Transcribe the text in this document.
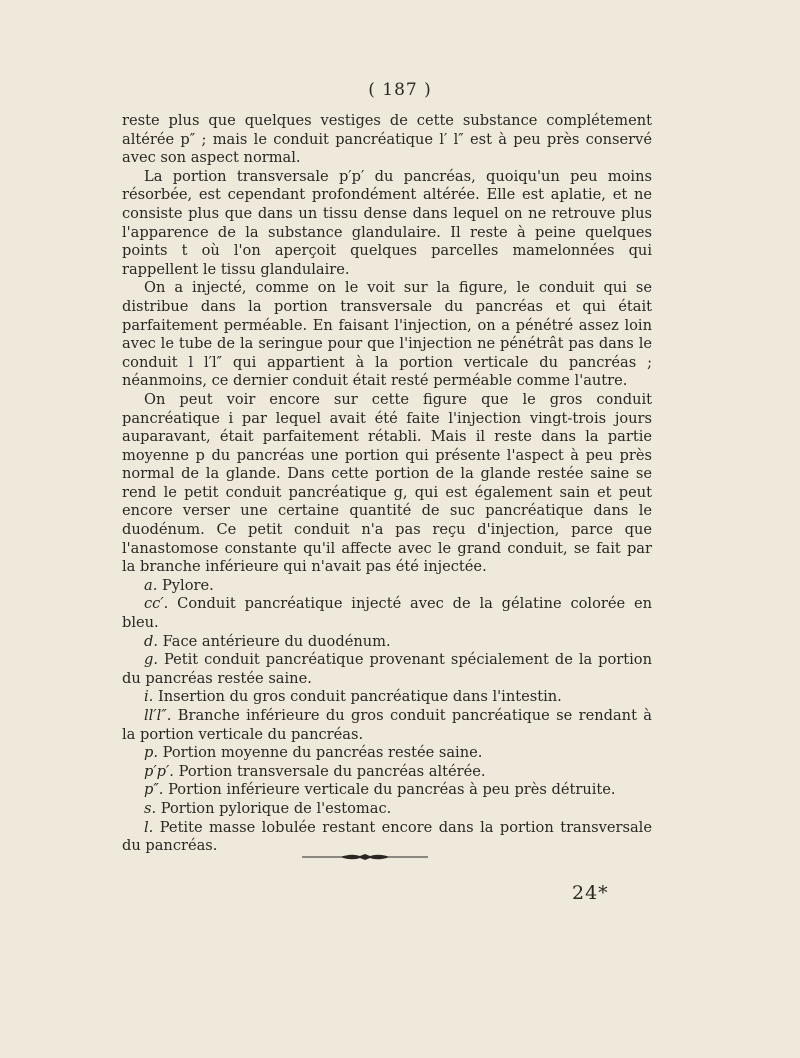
( 187 )

reste plus que quelques vestiges de cette substance complétement altérée p″ ; mais le conduit pancréatique l′ l″ est à peu près conservé avec son aspect normal.

La portion transversale p′p′ du pancréas, quoiqu'un peu moins résorbée, est cependant profondément altérée. Elle est aplatie, et ne consiste plus que dans un tissu dense dans lequel on ne retrouve plus l'apparence de la substance glandulaire. Il reste à peine quelques points t où l'on aperçoit quelques parcelles mamelonnées qui rappellent le tissu glandulaire.

On a injecté, comme on le voit sur la figure, le conduit qui se distribue dans la portion transversale du pancréas et qui était parfaitement perméable. En faisant l'injection, on a pénétré assez loin avec le tube de la seringue pour que l'injection ne pénétrât pas dans le conduit l l′l″ qui appartient à la portion verticale du pancréas ; néanmoins, ce dernier conduit était resté perméable comme l'autre.

On peut voir encore sur cette figure que le gros conduit pancréatique i par lequel avait été faite l'injection vingt-trois jours auparavant, était parfaitement rétabli. Mais il reste dans la partie moyenne p du pancréas une portion qui présente l'aspect à peu près normal de la glande. Dans cette portion de la glande restée saine se rend le petit conduit pancréatique g, qui est également sain et peut encore verser une certaine quantité de suc pancréatique dans le duodénum. Ce petit conduit n'a pas reçu d'injection, parce que l'anastomose constante qu'il affecte avec le grand conduit, se fait par la branche inférieure qui n'avait pas été injectée.

a. Pylore.

cc′. Conduit pancréatique injecté avec de la gélatine colorée en bleu.

d. Face antérieure du duodénum.

g. Petit conduit pancréatique provenant spécialement de la portion du pancréas restée saine.

i. Insertion du gros conduit pancréatique dans l'intestin.

ll′l″. Branche inférieure du gros conduit pancréatique se rendant à la portion verticale du pancréas.

p. Portion moyenne du pancréas restée saine.

p′p′. Portion transversale du pancréas altérée.

p″. Portion inférieure verticale du pancréas à peu près détruite.

s. Portion pylorique de l'estomac.

l. Petite masse lobulée restant encore dans la portion transversale du pancréas.

24*
